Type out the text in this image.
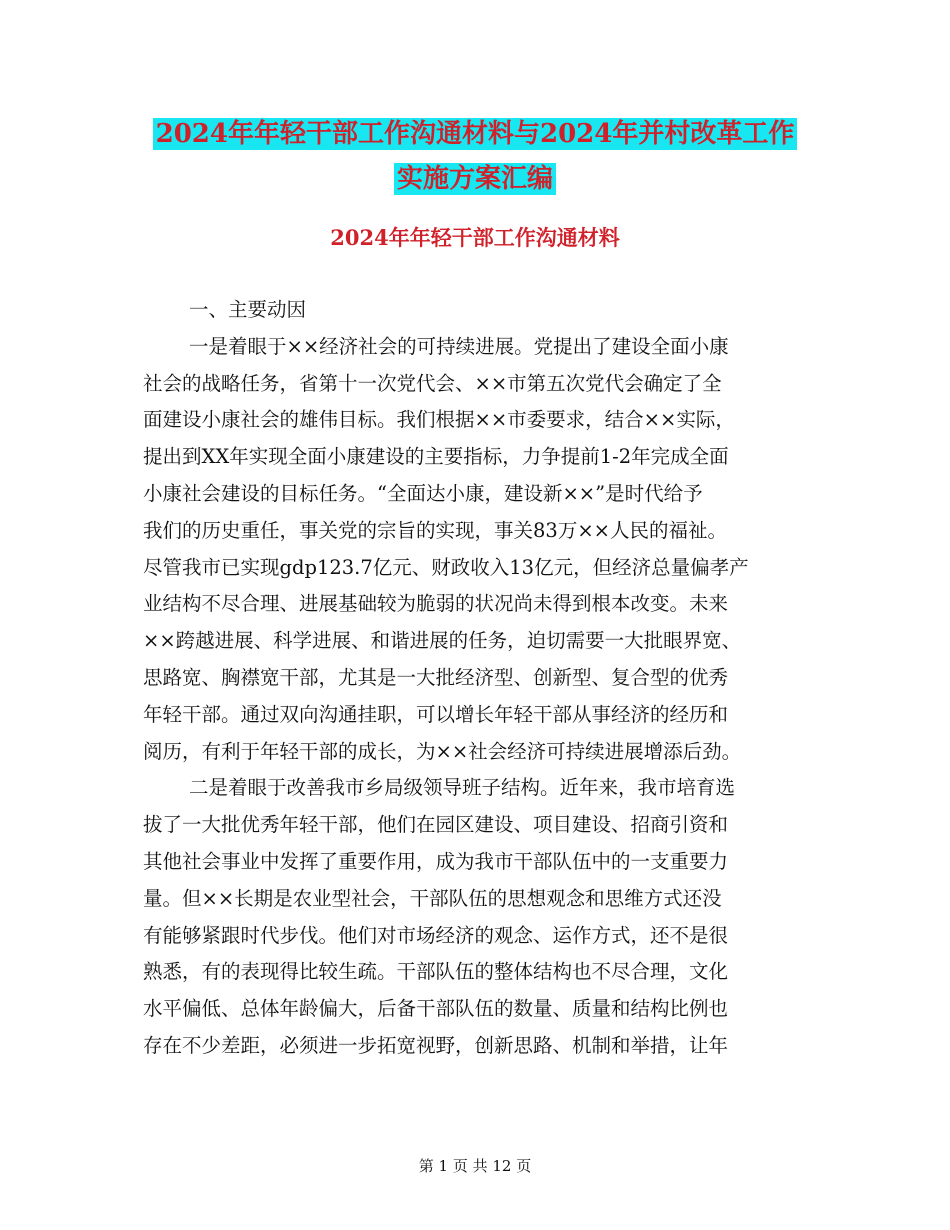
2024年年轻干部工作沟通材料与2024年并村改革工作
实施方案汇编
2024年年轻干部工作沟通材料
一、主要动因
一是着眼于××经济社会的可持续进展。党提出了建设全面小康
社会的战略任务，省第十一次党代会、××市第五次党代会确定了全
面建设小康社会的雄伟目标。我们根据××市委要求，结合××实际，
提出到XX年实现全面小康建设的主要指标，力争提前1-2年完成全面
小康社会建设的目标任务。“全面达小康，建设新××”是时代给予
我们的历史重任，事关党的宗旨的实现，事关83万××人民的福祉。
尽管我市已实现gdp123.7亿元、财政收入13亿元，但经济总量偏孝产
业结构不尽合理、进展基础较为脆弱的状况尚未得到根本改变。未来
××跨越进展、科学进展、和谐进展的任务，迫切需要一大批眼界宽、
思路宽、胸襟宽干部，尤其是一大批经济型、创新型、复合型的优秀
年轻干部。通过双向沟通挂职，可以增长年轻干部从事经济的经历和
阅历，有利于年轻干部的成长，为××社会经济可持续进展增添后劲。
二是着眼于改善我市乡局级领导班子结构。近年来，我市培育选
拔了一大批优秀年轻干部，他们在园区建设、项目建设、招商引资和
其他社会事业中发挥了重要作用，成为我市干部队伍中的一支重要力
量。但××长期是农业型社会，干部队伍的思想观念和思维方式还没
有能够紧跟时代步伐。他们对市场经济的观念、运作方式，还不是很
熟悉，有的表现得比较生疏。干部队伍的整体结构也不尽合理，文化
水平偏低、总体年龄偏大，后备干部队伍的数量、质量和结构比例也
存在不少差距，必须进一步拓宽视野，创新思路、机制和举措，让年
第 1 页 共 12 页
